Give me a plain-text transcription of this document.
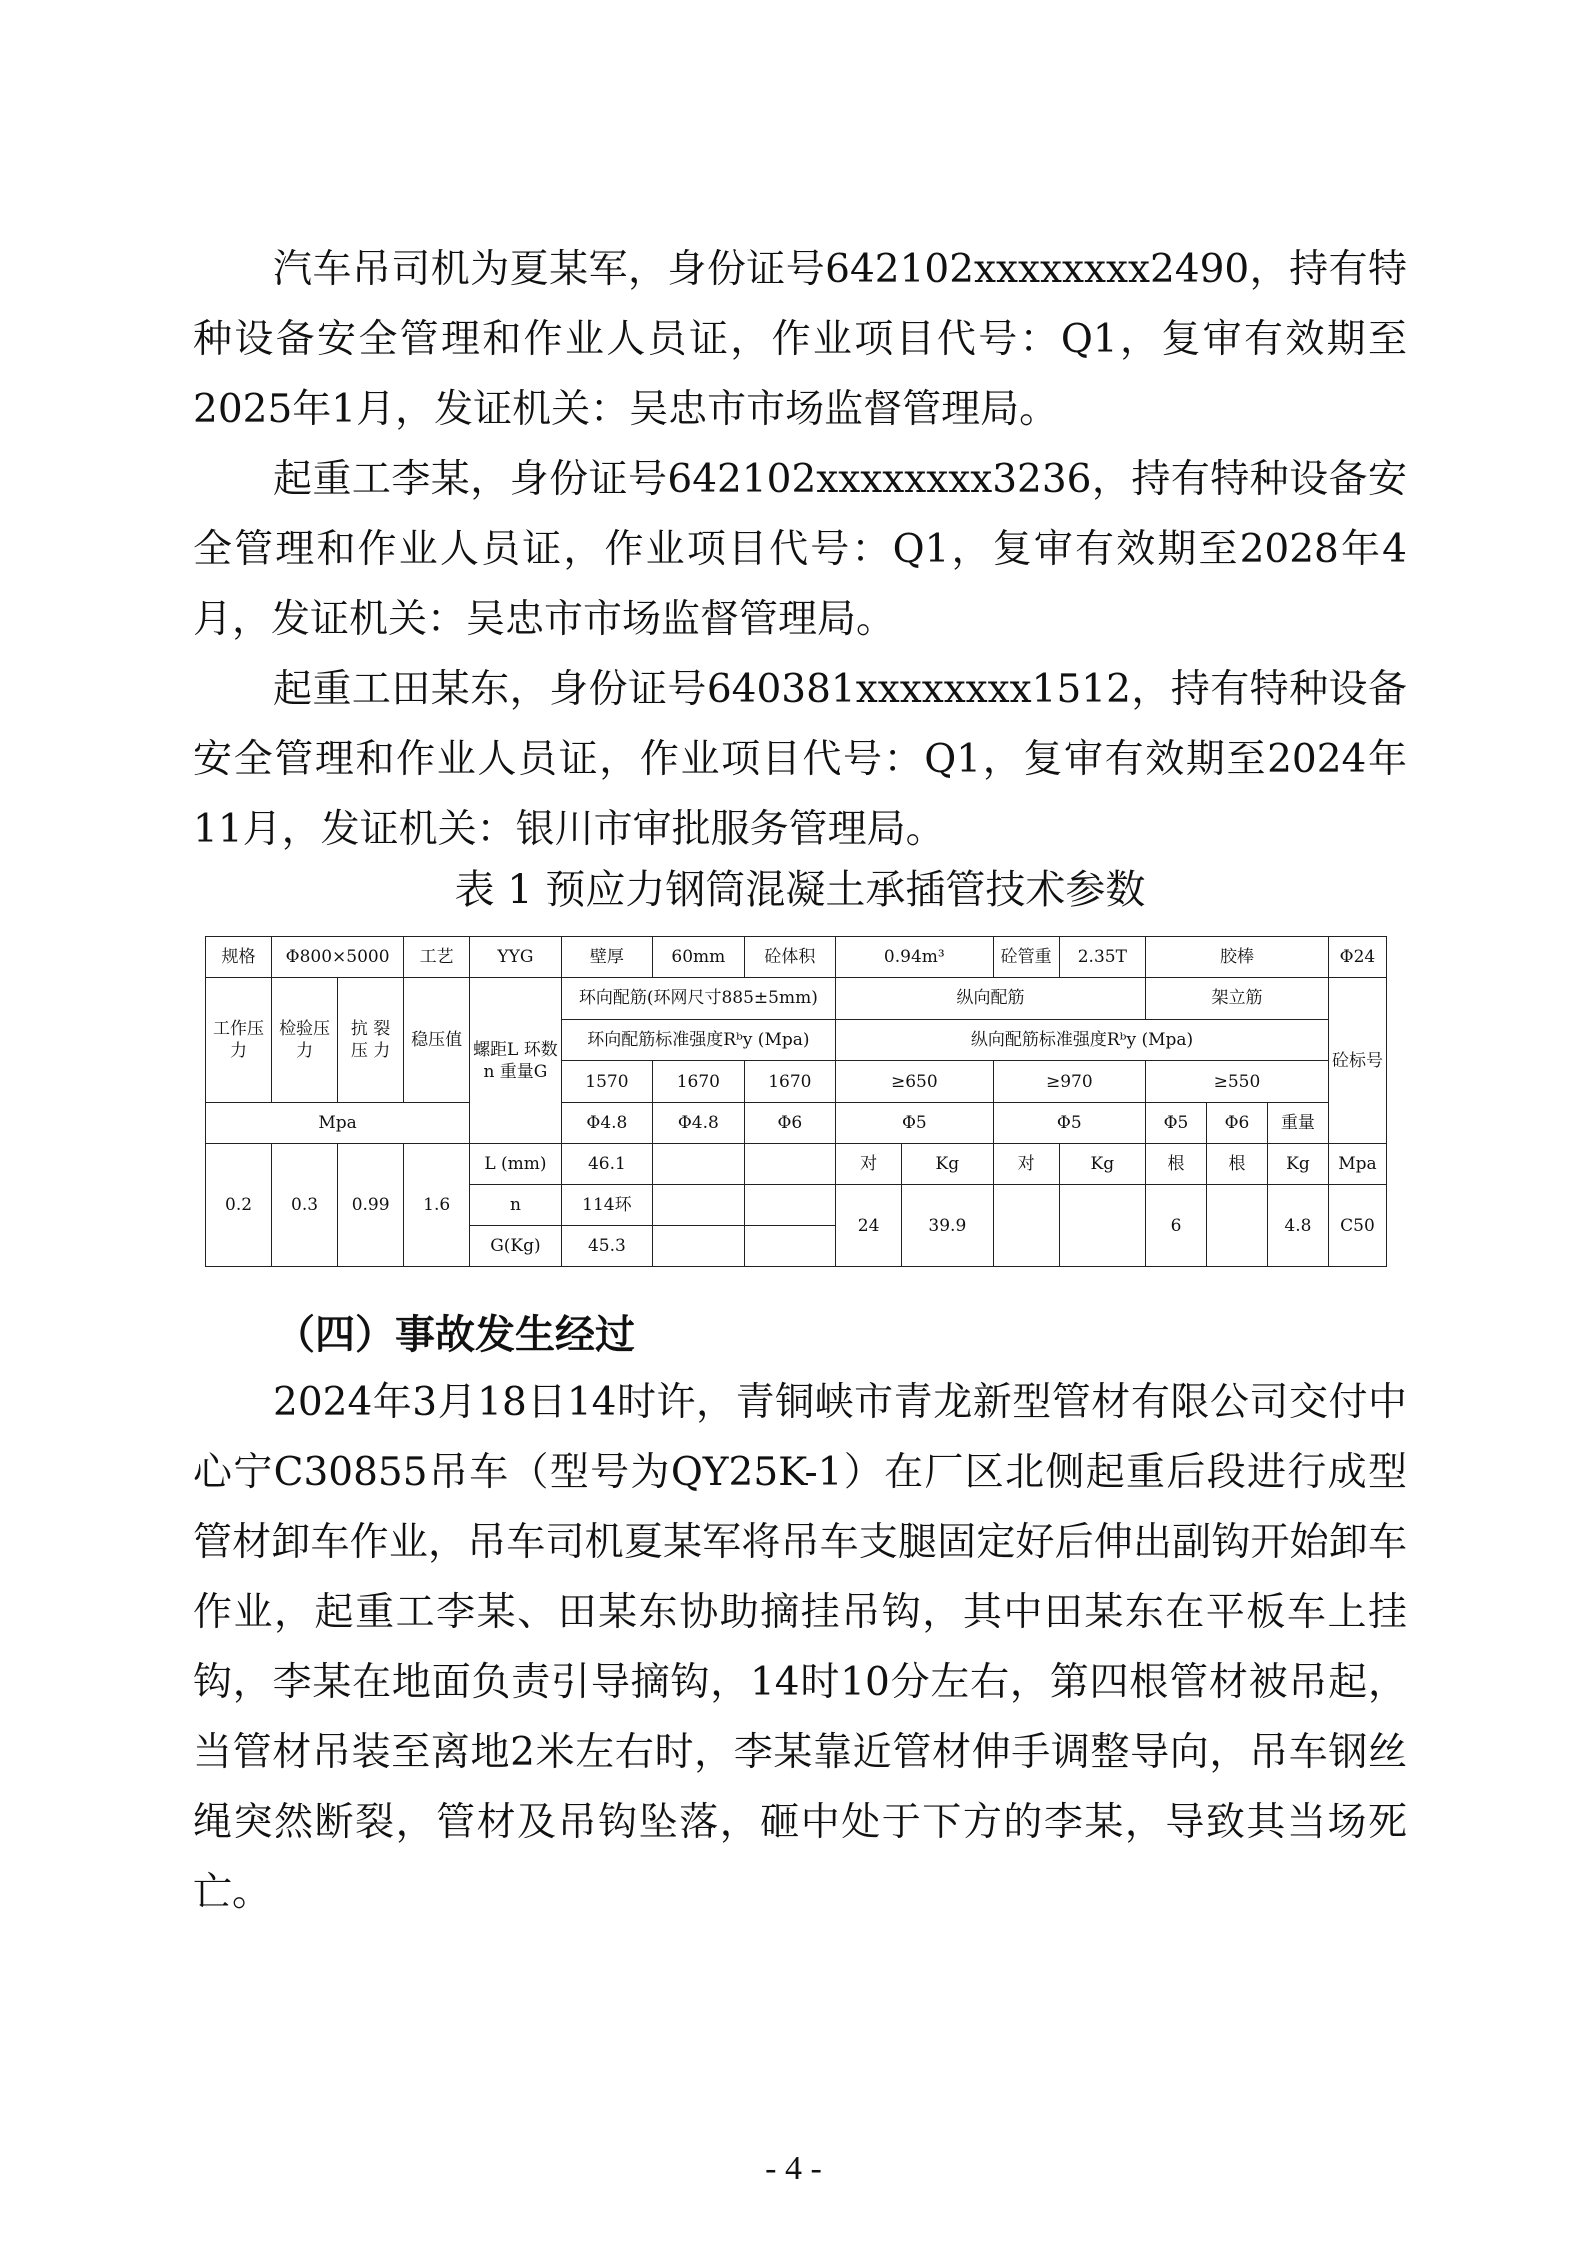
汽车吊司机为夏某军，身份证号642102xxxxxxxx2490，持有特种设备安全管理和作业人员证，作业项目代号：Q1，复审有效期至2025年1月，发证机关：吴忠市市场监督管理局。

起重工李某，身份证号642102xxxxxxxx3236，持有特种设备安全管理和作业人员证，作业项目代号：Q1，复审有效期至2028年4月，发证机关：吴忠市市场监督管理局。

起重工田某东，身份证号640381xxxxxxxx1512，持有特种设备安全管理和作业人员证，作业项目代号：Q1，复审有效期至2024年11月，发证机关：银川市审批服务管理局。

表 1 预应力钢筒混凝土承插管技术参数

规格	Φ800×5000		工艺	YYG	壁厚	60mm	砼体积	0.94m³		砼管重	2.35T	胶棒			Φ24
工作压力	检验压力	抗 裂 压 力	稳压值	螺距L 环数n 重量G	环向配筋(环网尺寸885±5mm)			纵向配筋				架立筋			砼标号
					环向配筋标准强度Rᵇy (Mpa)			纵向配筋标准强度Rᵇy (Mpa)							
					1570	1670	1670	≥650		≥970		≥550			
Mpa					Φ4.8	Φ4.8	Φ6	Φ5		Φ5		Φ5	Φ6	重量	
0.2	0.3	0.99	1.6	L (mm)	46.1			对	Kg	对	Kg	根	根	Kg	Mpa
				n	114环			24	39.9			6		4.8	C50
				G(Kg)	45.3										

（四）事故发生经过

2024年3月18日14时许，青铜峡市青龙新型管材有限公司交付中心宁C30855吊车（型号为QY25K-1）在厂区北侧起重后段进行成型管材卸车作业，吊车司机夏某军将吊车支腿固定好后伸出副钩开始卸车作业，起重工李某、田某东协助摘挂吊钩，其中田某东在平板车上挂钩，李某在地面负责引导摘钩，14时10分左右，第四根管材被吊起，当管材吊装至离地2米左右时，李某靠近管材伸手调整导向，吊车钢丝绳突然断裂，管材及吊钩坠落，砸中处于下方的李某，导致其当场死亡。

- 4 -
